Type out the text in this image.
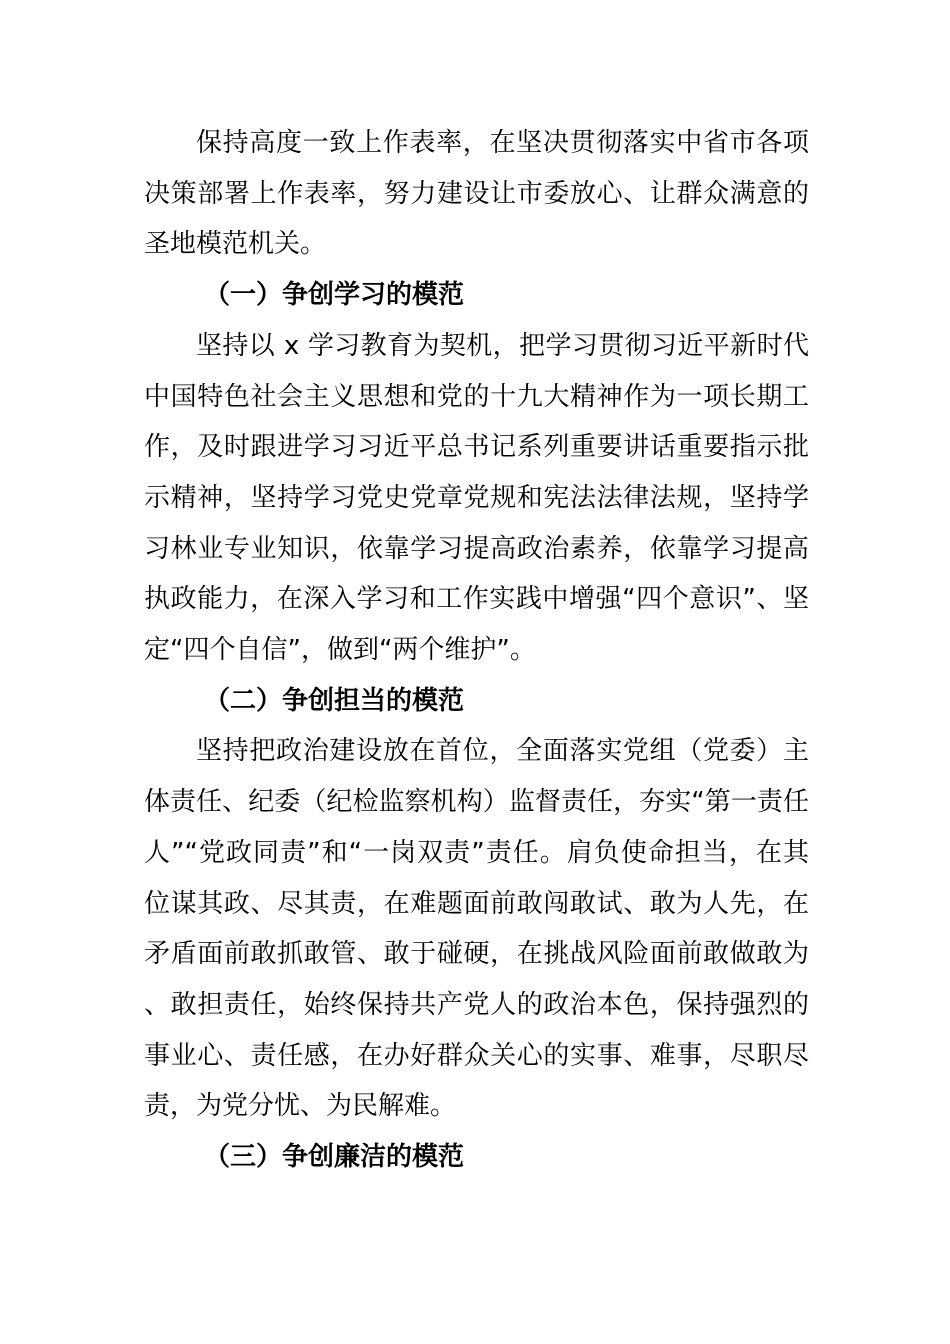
保持高度一致上作表率，在坚决贯彻落实中省市各项决策部署上作表率，努力建设让市委放心、让群众满意的圣地模范机关。

（一）争创学习的模范

坚持以 x 学习教育为契机，把学习贯彻习近平新时代中国特色社会主义思想和党的十九大精神作为一项长期工作，及时跟进学习习近平总书记系列重要讲话重要指示批示精神，坚持学习党史党章党规和宪法法律法规，坚持学习林业专业知识，依靠学习提高政治素养，依靠学习提高执政能力，在深入学习和工作实践中增强“四个意识”、坚定“四个自信”，做到“两个维护”。

（二）争创担当的模范

坚持把政治建设放在首位，全面落实党组（党委）主体责任、纪委（纪检监察机构）监督责任，夯实“第一责任人”“党政同责”和“一岗双责”责任。肩负使命担当，在其位谋其政、尽其责，在难题面前敢闯敢试、敢为人先，在矛盾面前敢抓敢管、敢于碰硬，在挑战风险面前敢做敢为、敢担责任，始终保持共产党人的政治本色，保持强烈的事业心、责任感，在办好群众关心的实事、难事，尽职尽责，为党分忧、为民解难。

（三）争创廉洁的模范
